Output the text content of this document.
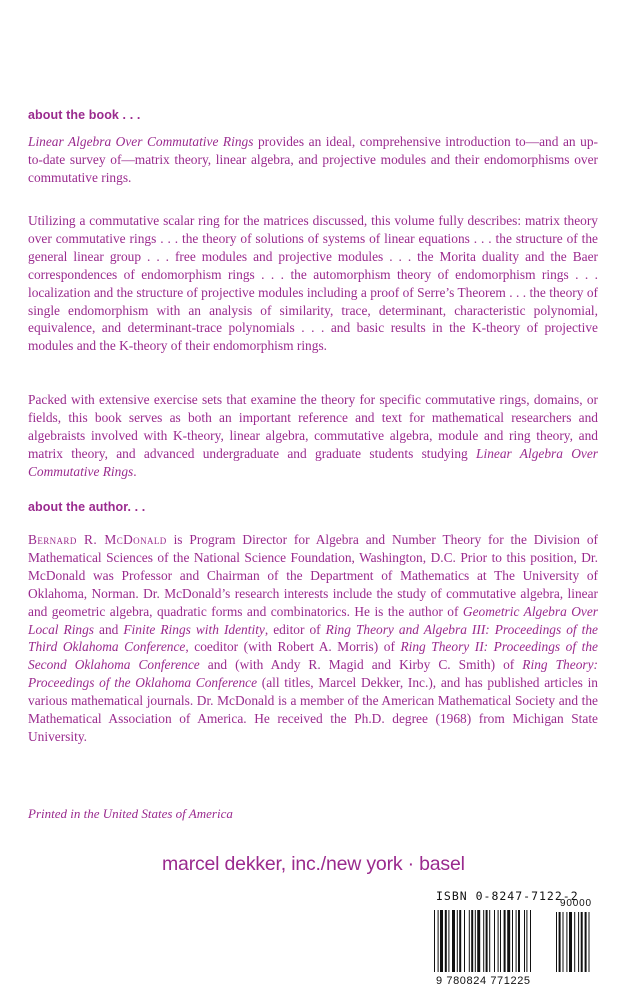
about the book . . .

Linear Algebra Over Commutative Rings provides an ideal, comprehensive introduction to—and an up-to-date survey of—matrix theory, linear algebra, and projective modules and their endomorphisms over commutative rings.

Utilizing a commutative scalar ring for the matrices discussed, this volume fully describes: matrix theory over commutative rings . . . the theory of solutions of systems of linear equations . . . the structure of the general linear group . . . free modules and projective modules . . . the Morita duality and the Baer correspondences of endomorphism rings . . . the automorphism theory of endomorphism rings . . . localization and the structure of projective modules including a proof of Serre’s Theorem . . . the theory of single endomorphism with an analysis of similarity, trace, determinant, characteristic polynomial, equivalence, and determinant-trace polynomials . . . and basic results in the K-theory of projective modules and the K-theory of their endomorphism rings.

Packed with extensive exercise sets that examine the theory for specific commutative rings, domains, or fields, this book serves as both an important reference and text for mathematical researchers and algebraists involved with K-theory, linear algebra, commutative algebra, module and ring theory, and matrix theory, and advanced undergraduate and graduate students studying Linear Algebra Over Commutative Rings.

about the author. . .

Bernard R. McDonald is Program Director for Algebra and Number Theory for the Division of Mathematical Sciences of the National Science Foundation, Washington, D.C. Prior to this position, Dr. McDonald was Professor and Chairman of the Department of Mathematics at The University of Oklahoma, Norman. Dr. McDonald’s research interests include the study of commutative algebra, linear and geometric algebra, quadratic forms and combinatorics. He is the author of Geometric Algebra Over Local Rings and Finite Rings with Identity, editor of Ring Theory and Algebra III: Proceedings of the Third Oklahoma Conference, coeditor (with Robert A. Morris) of Ring Theory II: Proceedings of the Second Oklahoma Conference and (with Andy R. Magid and Kirby C. Smith) of Ring Theory: Proceedings of the Oklahoma Conference (all titles, Marcel Dekker, Inc.), and has published articles in various mathematical journals. Dr. McDonald is a member of the American Mathematical Society and the Mathematical Association of America. He received the Ph.D. degree (1968) from Michigan State University.

Printed in the United States of America
marcel dekker, inc./new york · basel
ISBN 0-8247-7122-2
90000
9 780824 771225
